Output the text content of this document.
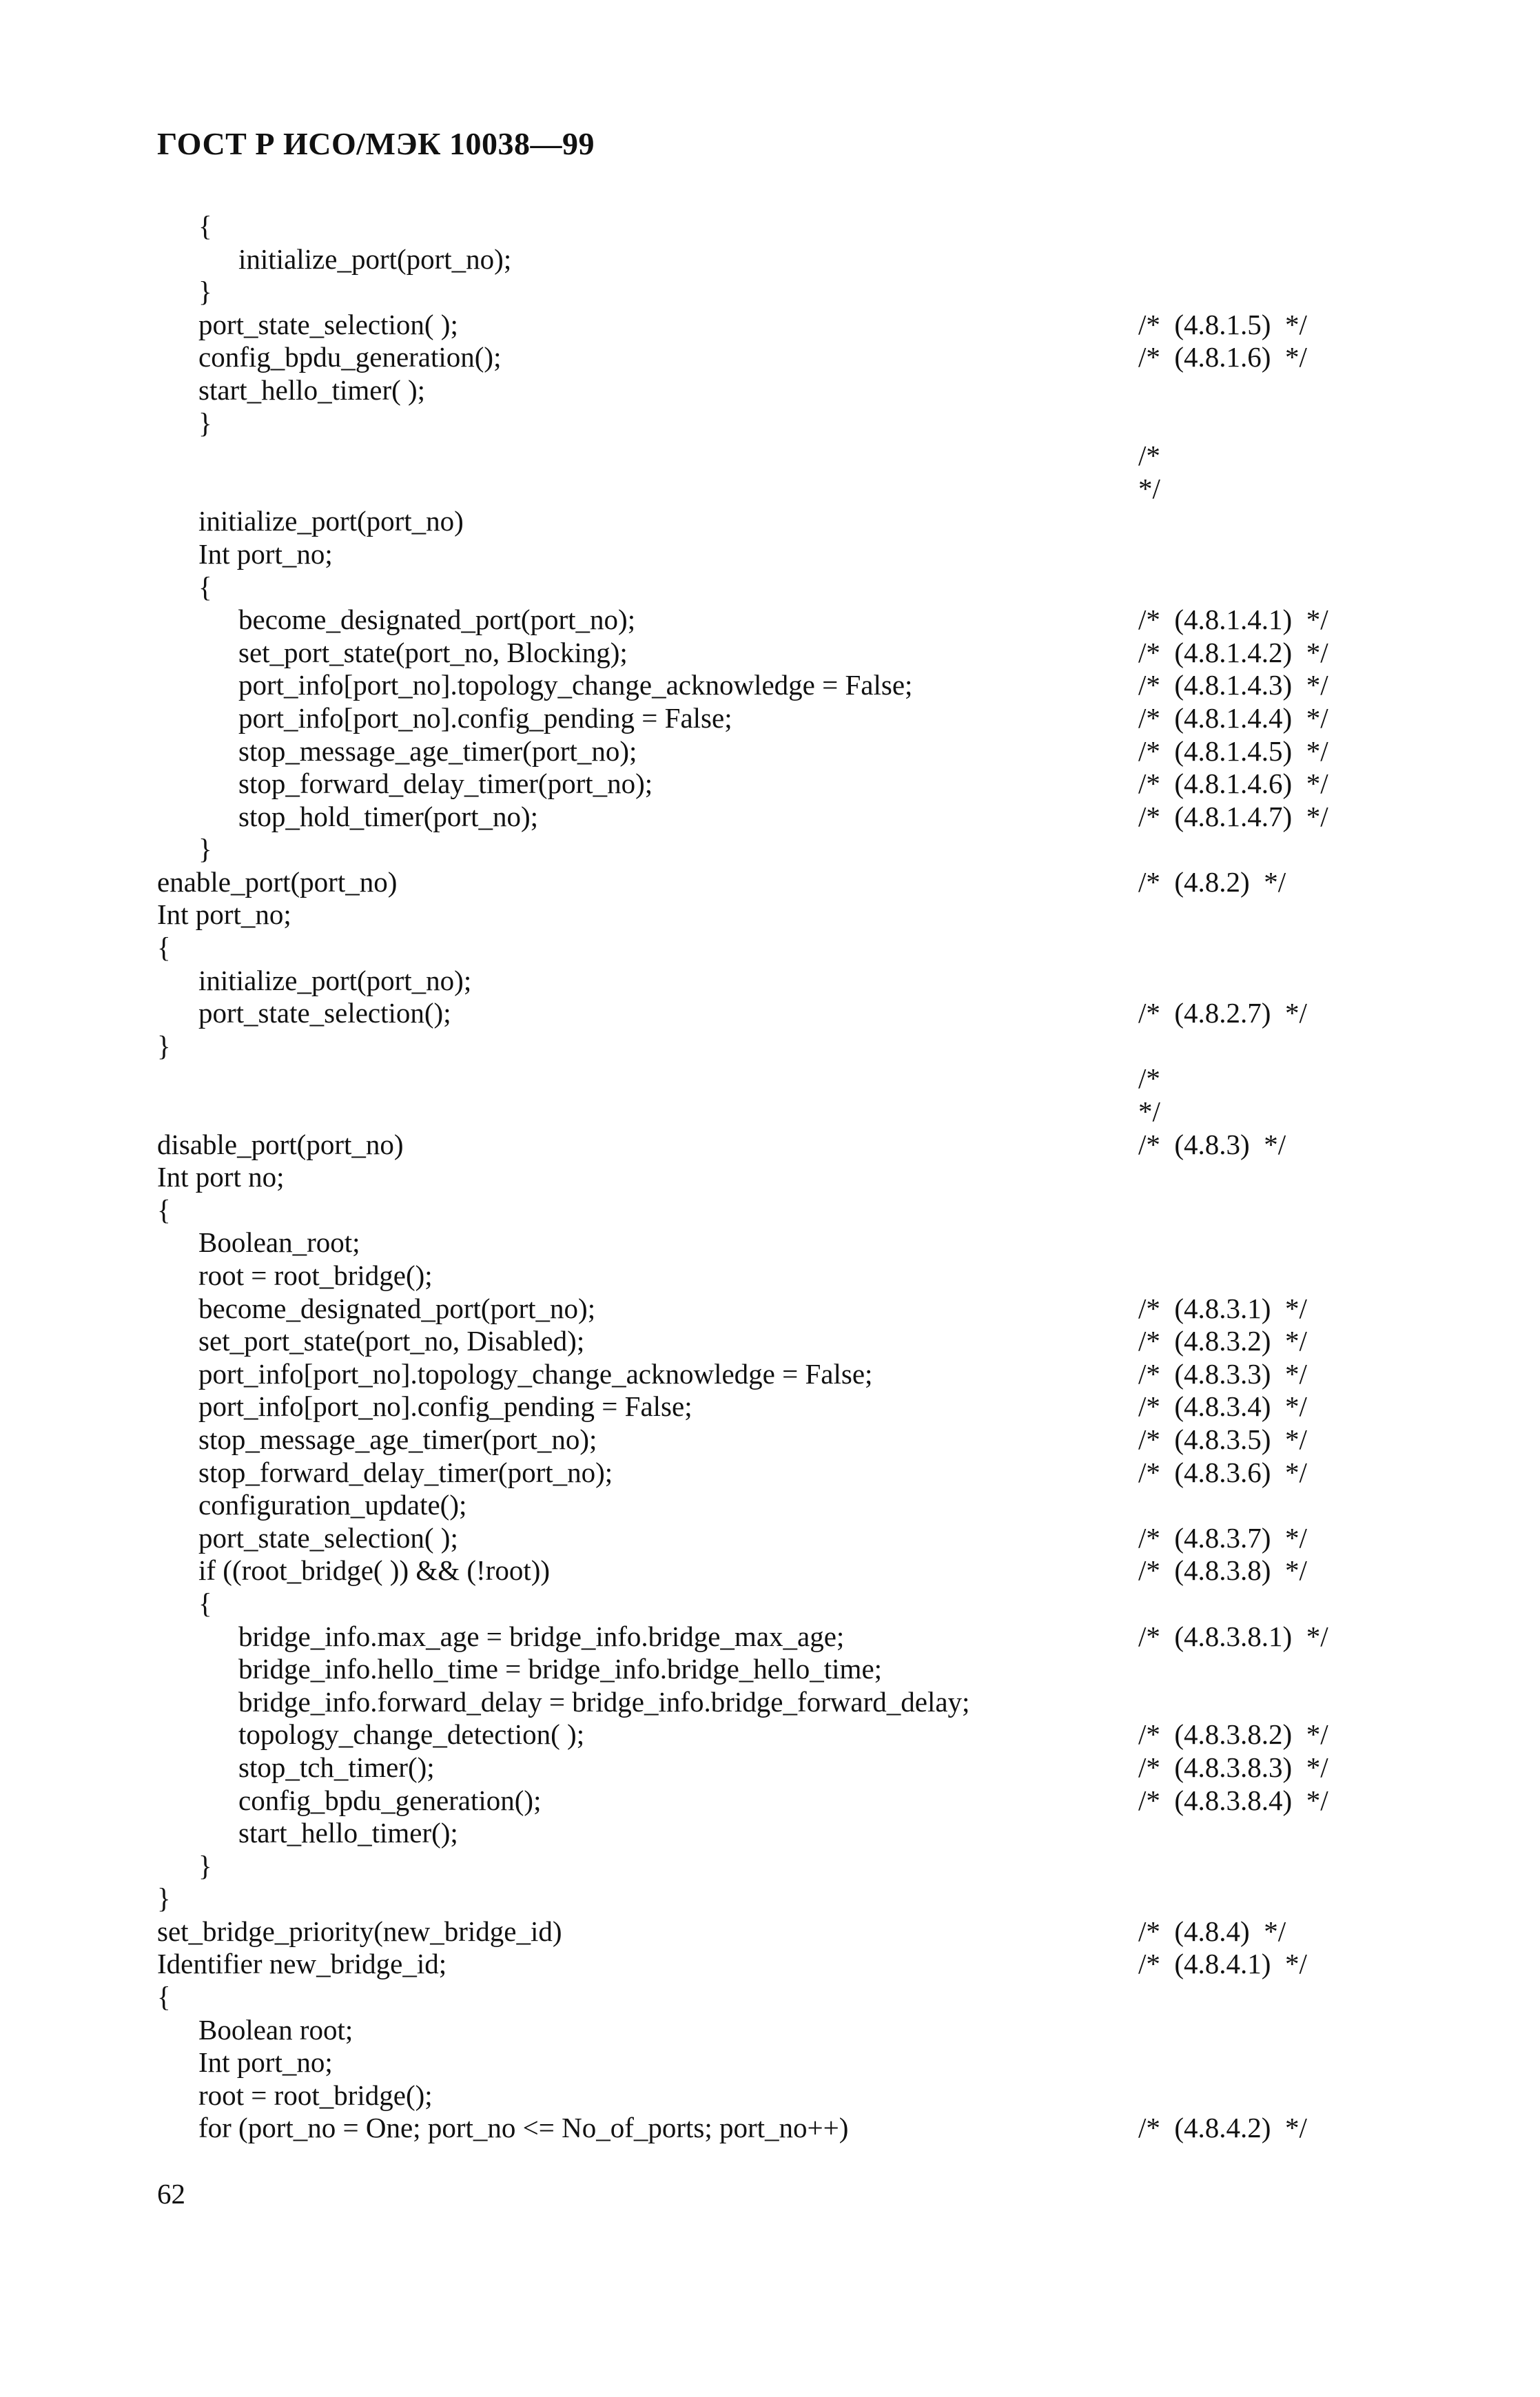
ГОСТ Р ИСО/МЭК 10038—99
{
initialize_port(port_no);
}
port_state_selection( );	/*  (4.8.1.5)  */
config_bpdu_generation();	/*  (4.8.1.6)  */
start_hello_timer( );
}
/*
*/
initialize_port(port_no)
Int port_no;
{
become_designated_port(port_no);	/*  (4.8.1.4.1)  */
set_port_state(port_no, Blocking);	/*  (4.8.1.4.2)  */
port_info[port_no].topology_change_acknowledge = False;	/*  (4.8.1.4.3)  */
port_info[port_no].config_pending = False;	/*  (4.8.1.4.4)  */
stop_message_age_timer(port_no);	/*  (4.8.1.4.5)  */
stop_forward_delay_timer(port_no);	/*  (4.8.1.4.6)  */
stop_hold_timer(port_no);	/*  (4.8.1.4.7)  */
}
enable_port(port_no)	/*  (4.8.2)  */
Int port_no;
{
initialize_port(port_no);
port_state_selection();	/*  (4.8.2.7)  */
}
/*
*/
disable_port(port_no)	/*  (4.8.3)  */
Int port no;
{
Boolean_root;
root = root_bridge();
become_designated_port(port_no);	/*  (4.8.3.1)  */
set_port_state(port_no, Disabled);	/*  (4.8.3.2)  */
port_info[port_no].topology_change_acknowledge = False;	/*  (4.8.3.3)  */
port_info[port_no].config_pending = False;	/*  (4.8.3.4)  */
stop_message_age_timer(port_no);	/*  (4.8.3.5)  */
stop_forward_delay_timer(port_no);	/*  (4.8.3.6)  */
configuration_update();
port_state_selection( );	/*  (4.8.3.7)  */
if ((root_bridge( )) && (!root))	/*  (4.8.3.8)  */
{
bridge_info.max_age = bridge_info.bridge_max_age;	/*  (4.8.3.8.1)  */
bridge_info.hello_time = bridge_info.bridge_hello_time;
bridge_info.forward_delay = bridge_info.bridge_forward_delay;
topology_change_detection( );	/*  (4.8.3.8.2)  */
stop_tch_timer();	/*  (4.8.3.8.3)  */
config_bpdu_generation();	/*  (4.8.3.8.4)  */
start_hello_timer();
}
}
set_bridge_priority(new_bridge_id)	/*  (4.8.4)  */
Identifier new_bridge_id;	/*  (4.8.4.1)  */
{
Boolean root;
Int port_no;
root = root_bridge();
for (port_no = One; port_no <= No_of_ports; port_no++)	/*  (4.8.4.2)  */
62
